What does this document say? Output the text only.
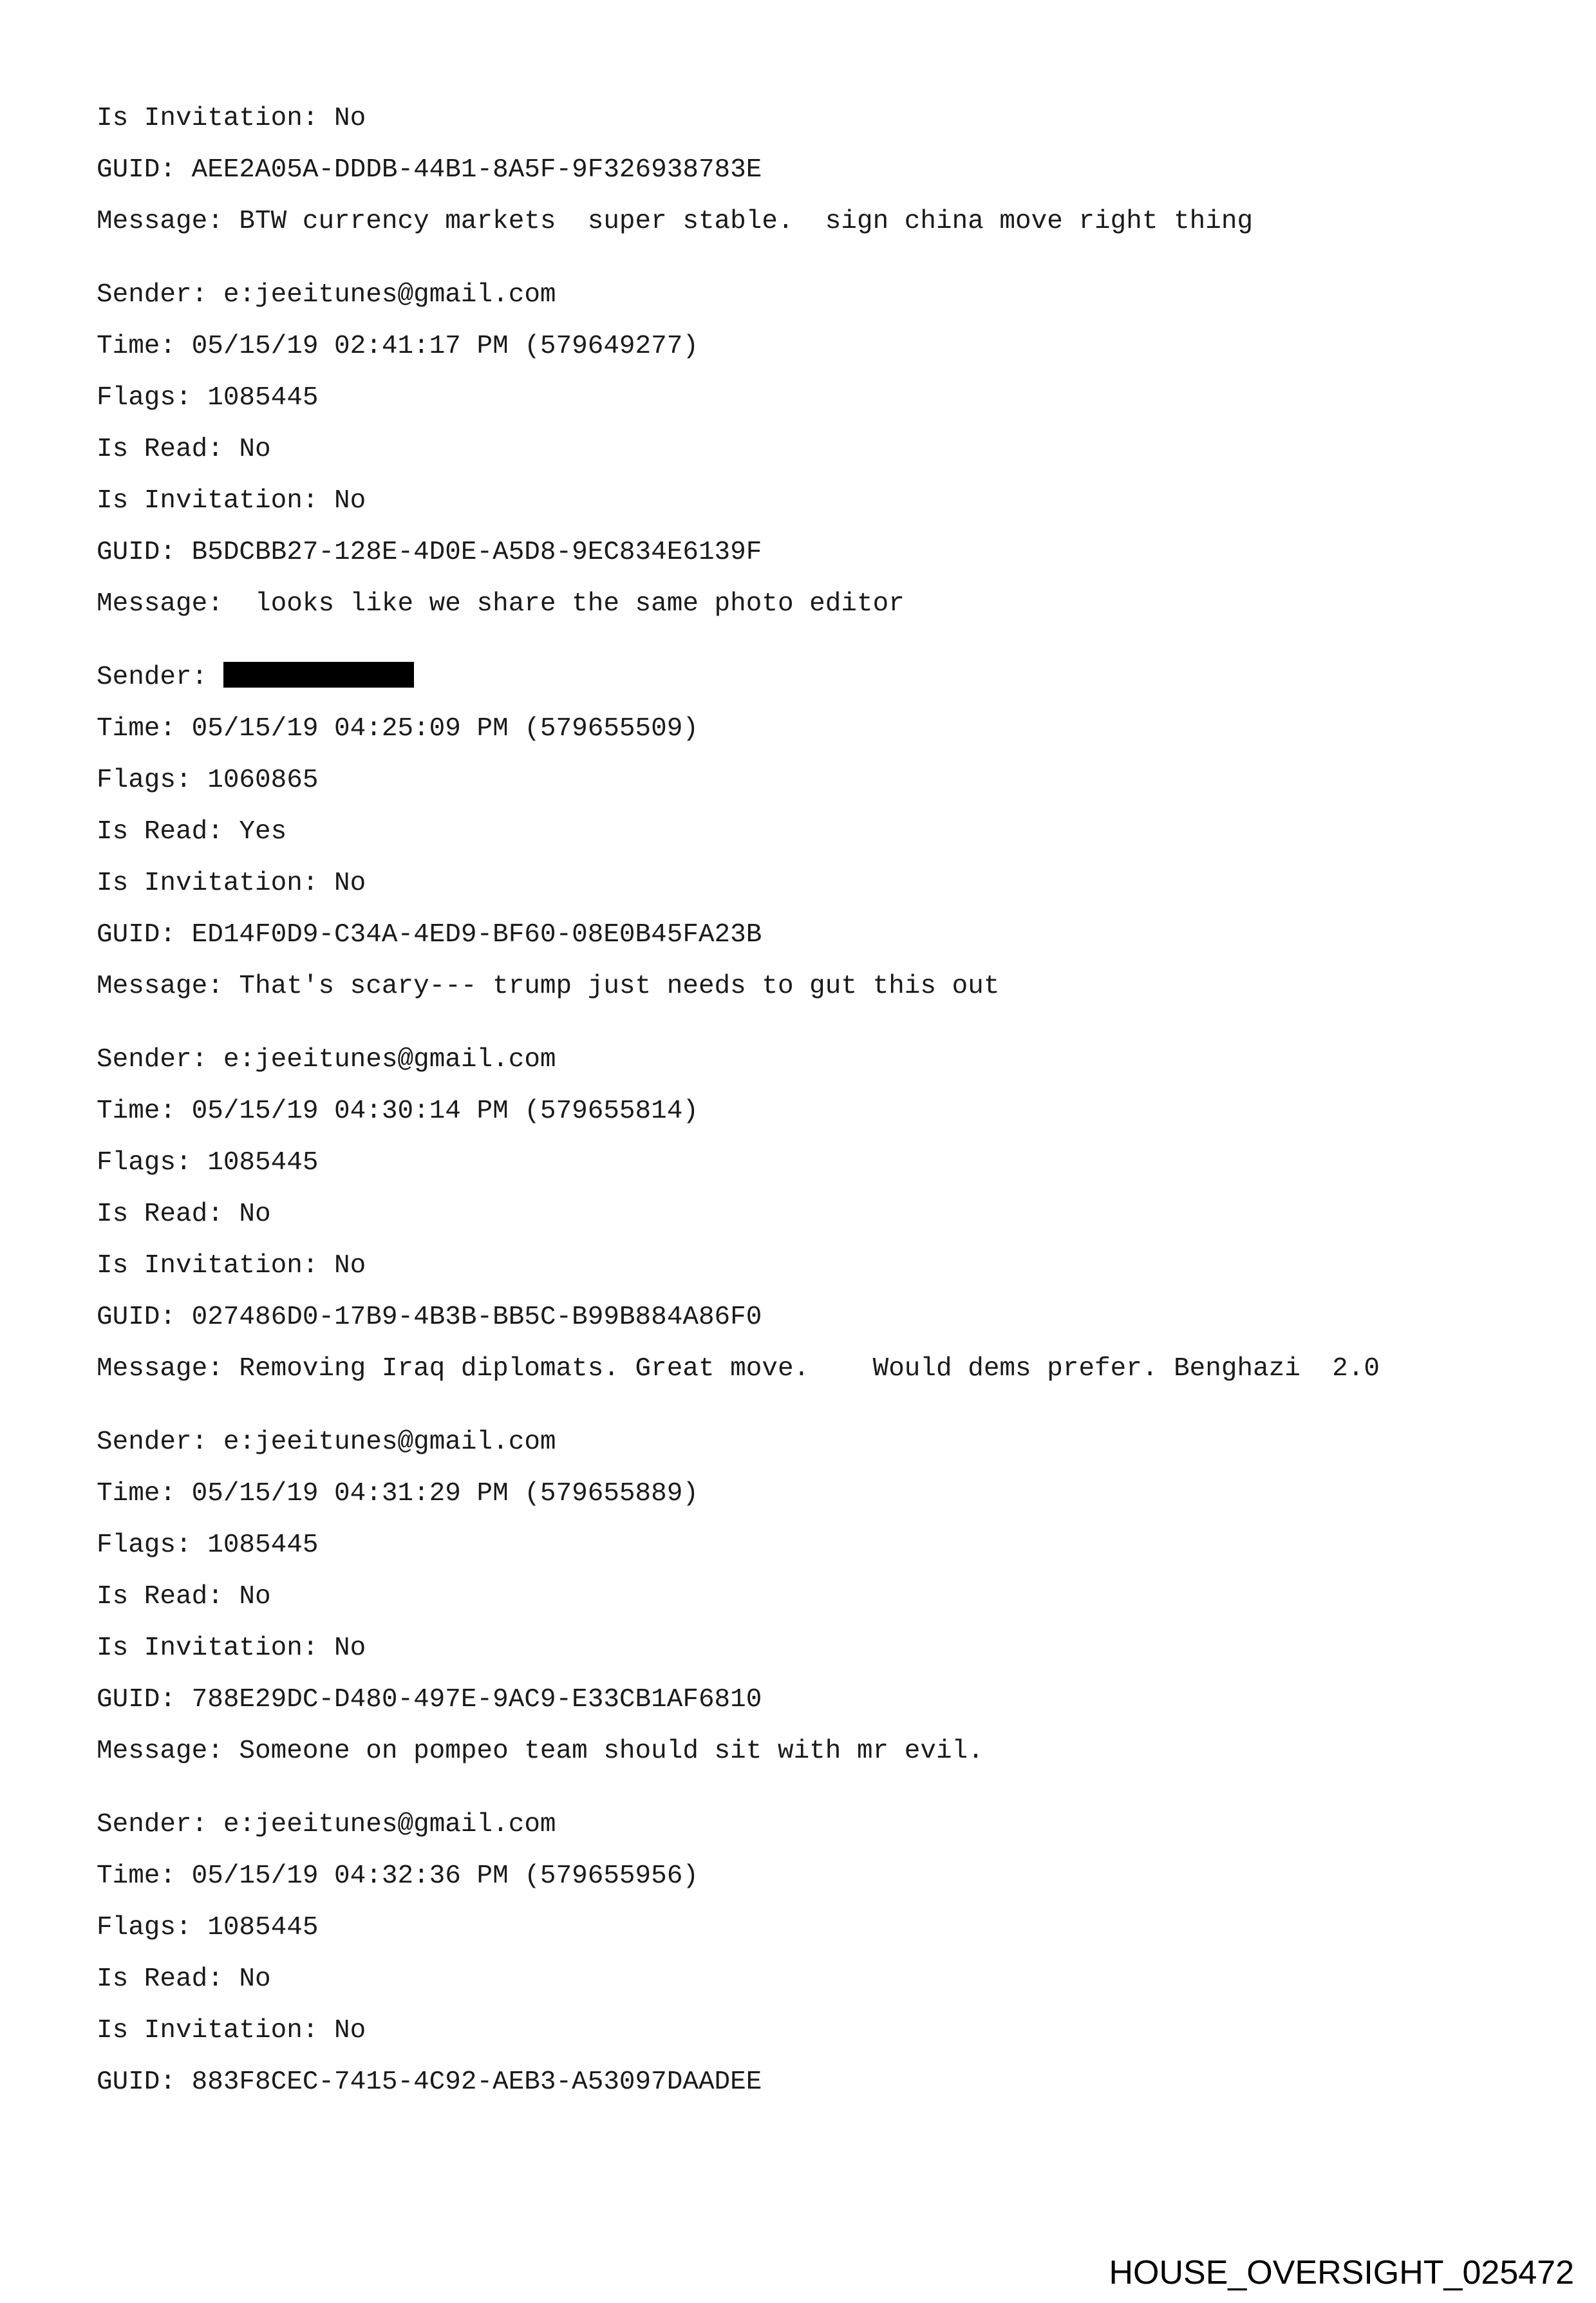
Is Invitation: No
GUID: AEE2A05A-DDDB-44B1-8A5F-9F326938783E
Message: BTW currency markets  super stable.  sign china move right thing
Sender: e:jeeitunes@gmail.com
Time: 05/15/19 02:41:17 PM (579649277)
Flags: 1085445
Is Read: No
Is Invitation: No
GUID: B5DCBB27-128E-4D0E-A5D8-9EC834E6139F
Message:  looks like we share the same photo editor
Sender:
Time: 05/15/19 04:25:09 PM (579655509)
Flags: 1060865
Is Read: Yes
Is Invitation: No
GUID: ED14F0D9-C34A-4ED9-BF60-08E0B45FA23B
Message: That's scary--- trump just needs to gut this out
Sender: e:jeeitunes@gmail.com
Time: 05/15/19 04:30:14 PM (579655814)
Flags: 1085445
Is Read: No
Is Invitation: No
GUID: 027486D0-17B9-4B3B-BB5C-B99B884A86F0
Message: Removing Iraq diplomats. Great move.    Would dems prefer. Benghazi  2.0
Sender: e:jeeitunes@gmail.com
Time: 05/15/19 04:31:29 PM (579655889)
Flags: 1085445
Is Read: No
Is Invitation: No
GUID: 788E29DC-D480-497E-9AC9-E33CB1AF6810
Message: Someone on pompeo team should sit with mr evil.
Sender: e:jeeitunes@gmail.com
Time: 05/15/19 04:32:36 PM (579655956)
Flags: 1085445
Is Read: No
Is Invitation: No
GUID: 883F8CEC-7415-4C92-AEB3-A53097DAADEE
HOUSE_OVERSIGHT_025472
